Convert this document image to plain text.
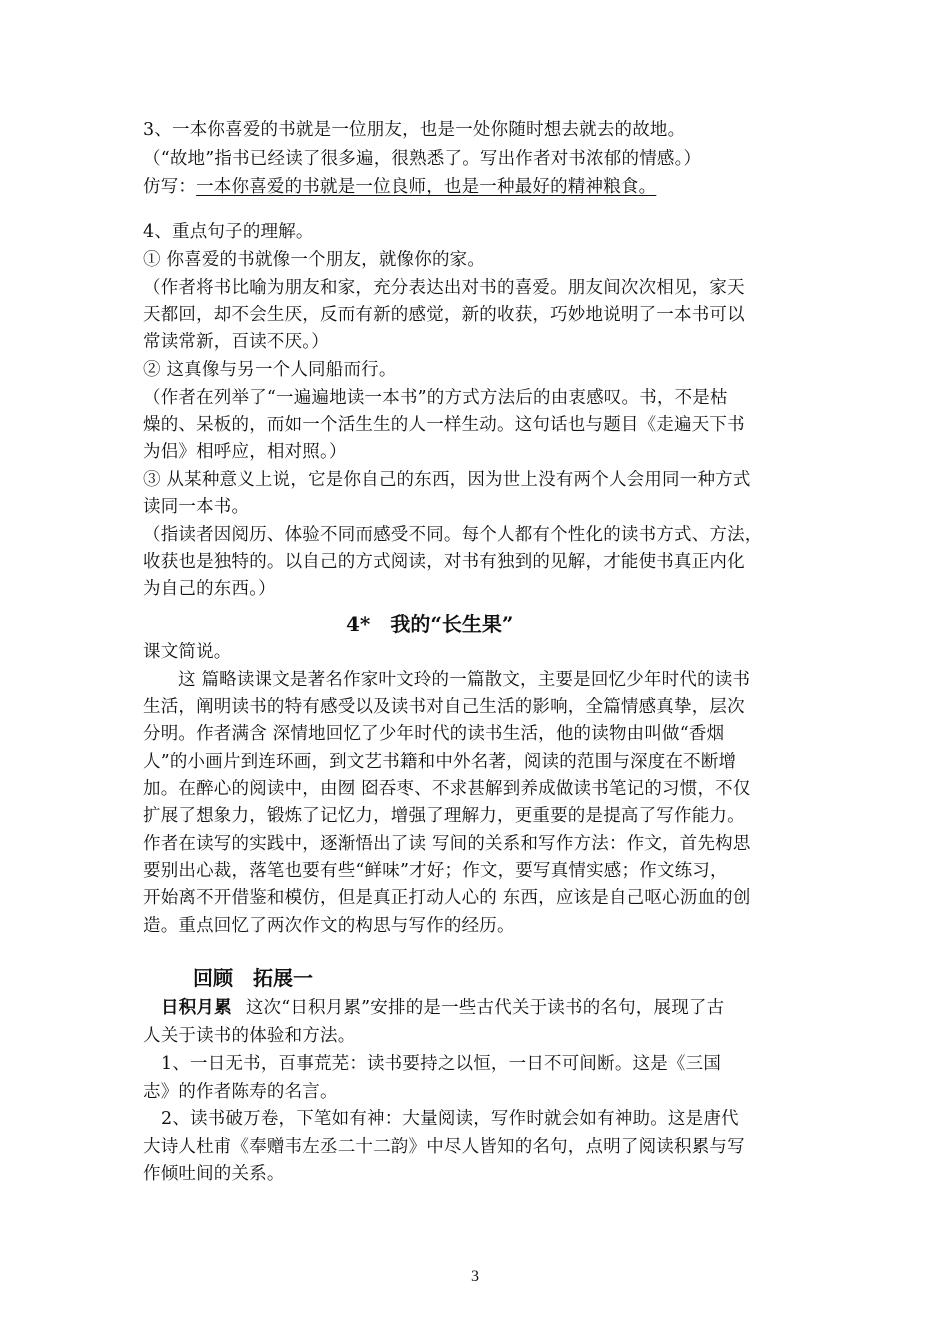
3、一本你喜爱的书就是一位朋友，也是一处你随时想去就去的故地。
（“故地”指书已经读了很多遍，很熟悉了。写出作者对书浓郁的情感。）
仿写：一本你喜爱的书就是一位良师，也是一种最好的精神粮食。
4、重点句子的理解。
① 你喜爱的书就像一个朋友，就像你的家。
（作者将书比喻为朋友和家，充分表达出对书的喜爱。朋友间次次相见，家天
天都回，却不会生厌，反而有新的感觉，新的收获，巧妙地说明了一本书可以
常读常新，百读不厌。）
② 这真像与另一个人同船而行。
（作者在列举了“一遍遍地读一本书”的方式方法后的由衷感叹。书，不是枯
燥的、呆板的，而如一个活生生的人一样生动。这句话也与题目《走遍天下书
为侣》相呼应，相对照。）
③ 从某种意义上说，它是你自己的东西，因为世上没有两个人会用同一种方式
读同一本书。
（指读者因阅历、体验不同而感受不同。每个人都有个性化的读书方式、方法，
收获也是独特的。以自己的方式阅读，对书有独到的见解，才能使书真正内化
为自己的东西。）
4*　我的“长生果”
课文简说。
这 篇略读课文是著名作家叶文玲的一篇散文，主要是回忆少年时代的读书
生活，阐明读书的特有感受以及读书对自己生活的影响，全篇情感真挚，层次
分明。作者满含 深情地回忆了少年时代的读书生活，他的读物由叫做“香烟
人”的小画片到连环画，到文艺书籍和中外名著，阅读的范围与深度在不断增
加。在醉心的阅读中，由囫 囵吞枣、不求甚解到养成做读书笔记的习惯，不仅
扩展了想象力，锻炼了记忆力，增强了理解力，更重要的是提高了写作能力。
作者在读写的实践中，逐渐悟出了读 写间的关系和写作方法：作文，首先构思
要别出心裁，落笔也要有些“鲜味”才好；作文，要写真情实感；作文练习，
开始离不开借鉴和模仿，但是真正打动人心的 东西，应该是自己呕心沥血的创
造。重点回忆了两次作文的构思与写作的经历。
回顾　拓展一
日积月累 这次“日积月累”安排的是一些古代关于读书的名句，展现了古
人关于读书的体验和方法。
1、一日无书，百事荒芜：读书要持之以恒，一日不可间断。这是《三国
志》的作者陈寿的名言。
2、读书破万卷，下笔如有神：大量阅读，写作时就会如有神助。这是唐代
大诗人杜甫《奉赠韦左丞二十二韵》中尽人皆知的名句，点明了阅读积累与写
作倾吐间的关系。
3
